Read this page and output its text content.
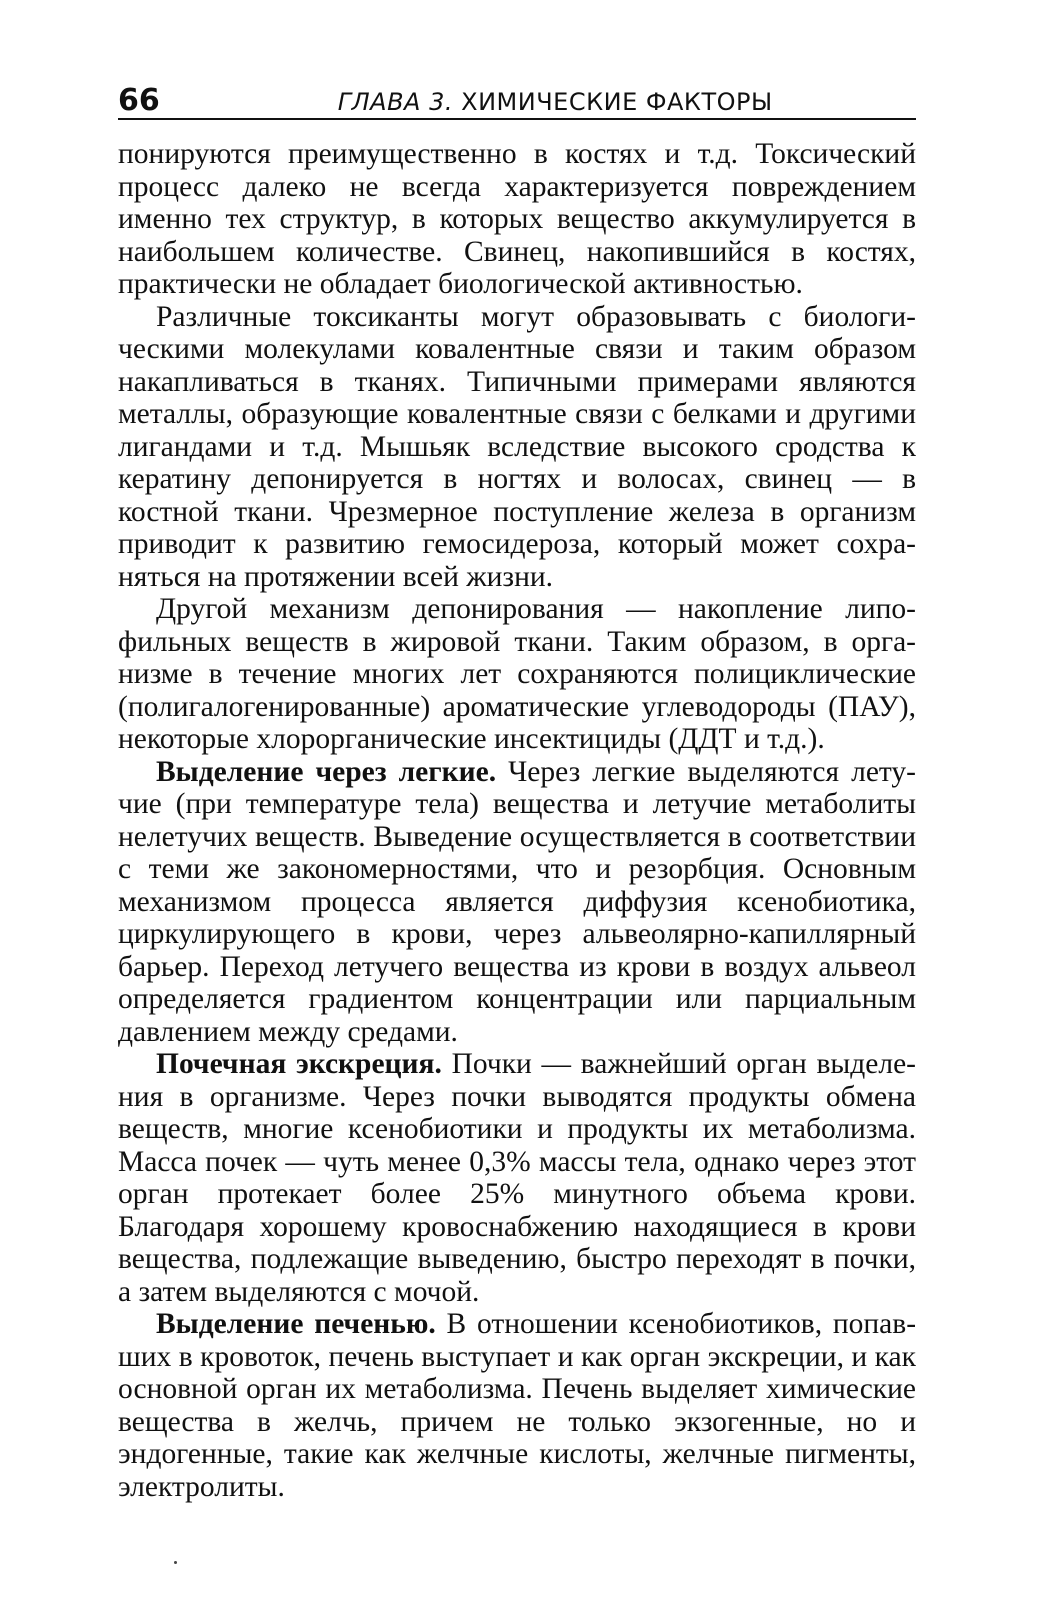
66	ГЛАВА 3. ХИМИЧЕСКИЕ ФАКТОРЫ

понируются преимущественно в костях и т.д. Токсический процесс далеко не всегда характеризуется повреждением именно тех структур, в которых вещество аккумулируется в наибольшем количестве. Свинец, накопившийся в костях, практически не обладает биологической активностью.

Различные токсиканты могут образовывать с биологическими молекулами ковалентные связи и таким образом накапливаться в тканях. Типичными примерами являются металлы, образующие ковалентные связи с белками и другими лигандами и т.д. Мышьяк вследствие высокого сродства к кератину депонируется в ногтях и волосах, свинец — в костной ткани. Чрезмерное поступление железа в организм приводит к развитию гемосидероза, который может сохраняться на протяжении всей жизни.

Другой механизм депонирования — накопление липофильных веществ в жировой ткани. Таким образом, в организме в течение многих лет сохраняются полициклические (полигалогенированные) ароматические углеводороды (ПАУ), некоторые хлорорганические инсектициды (ДДТ и т.д.).

Выделение через легкие. Через легкие выделяются летучие (при температуре тела) вещества и летучие метаболиты нелетучих веществ. Выведение осуществляется в соответствии с теми же закономерностями, что и резорбция. Основным механизмом процесса является диффузия ксенобиотика, циркулирующего в крови, через альвеолярно-капиллярный барьер. Переход летучего вещества из крови в воздух альвеол определяется градиентом концентрации или парциальным давлением между средами.

Почечная экскреция. Почки — важнейший орган выделения в организме. Через почки выводятся продукты обмена веществ, многие ксенобиотики и продукты их метаболизма. Масса почек — чуть менее 0,3% массы тела, однако через этот орган протекает более 25% минутного объема крови. Благодаря хорошему кровоснабжению находящиеся в крови вещества, подлежащие выведению, быстро переходят в почки, а затем выделяются с мочой.

Выделение печенью. В отношении ксенобиотиков, попавших в кровоток, печень выступает и как орган экскреции, и как основной орган их метаболизма. Печень выделяет химические вещества в желчь, причем не только экзогенные, но и эндогенные, такие как желчные кислоты, желчные пигменты, электролиты.
